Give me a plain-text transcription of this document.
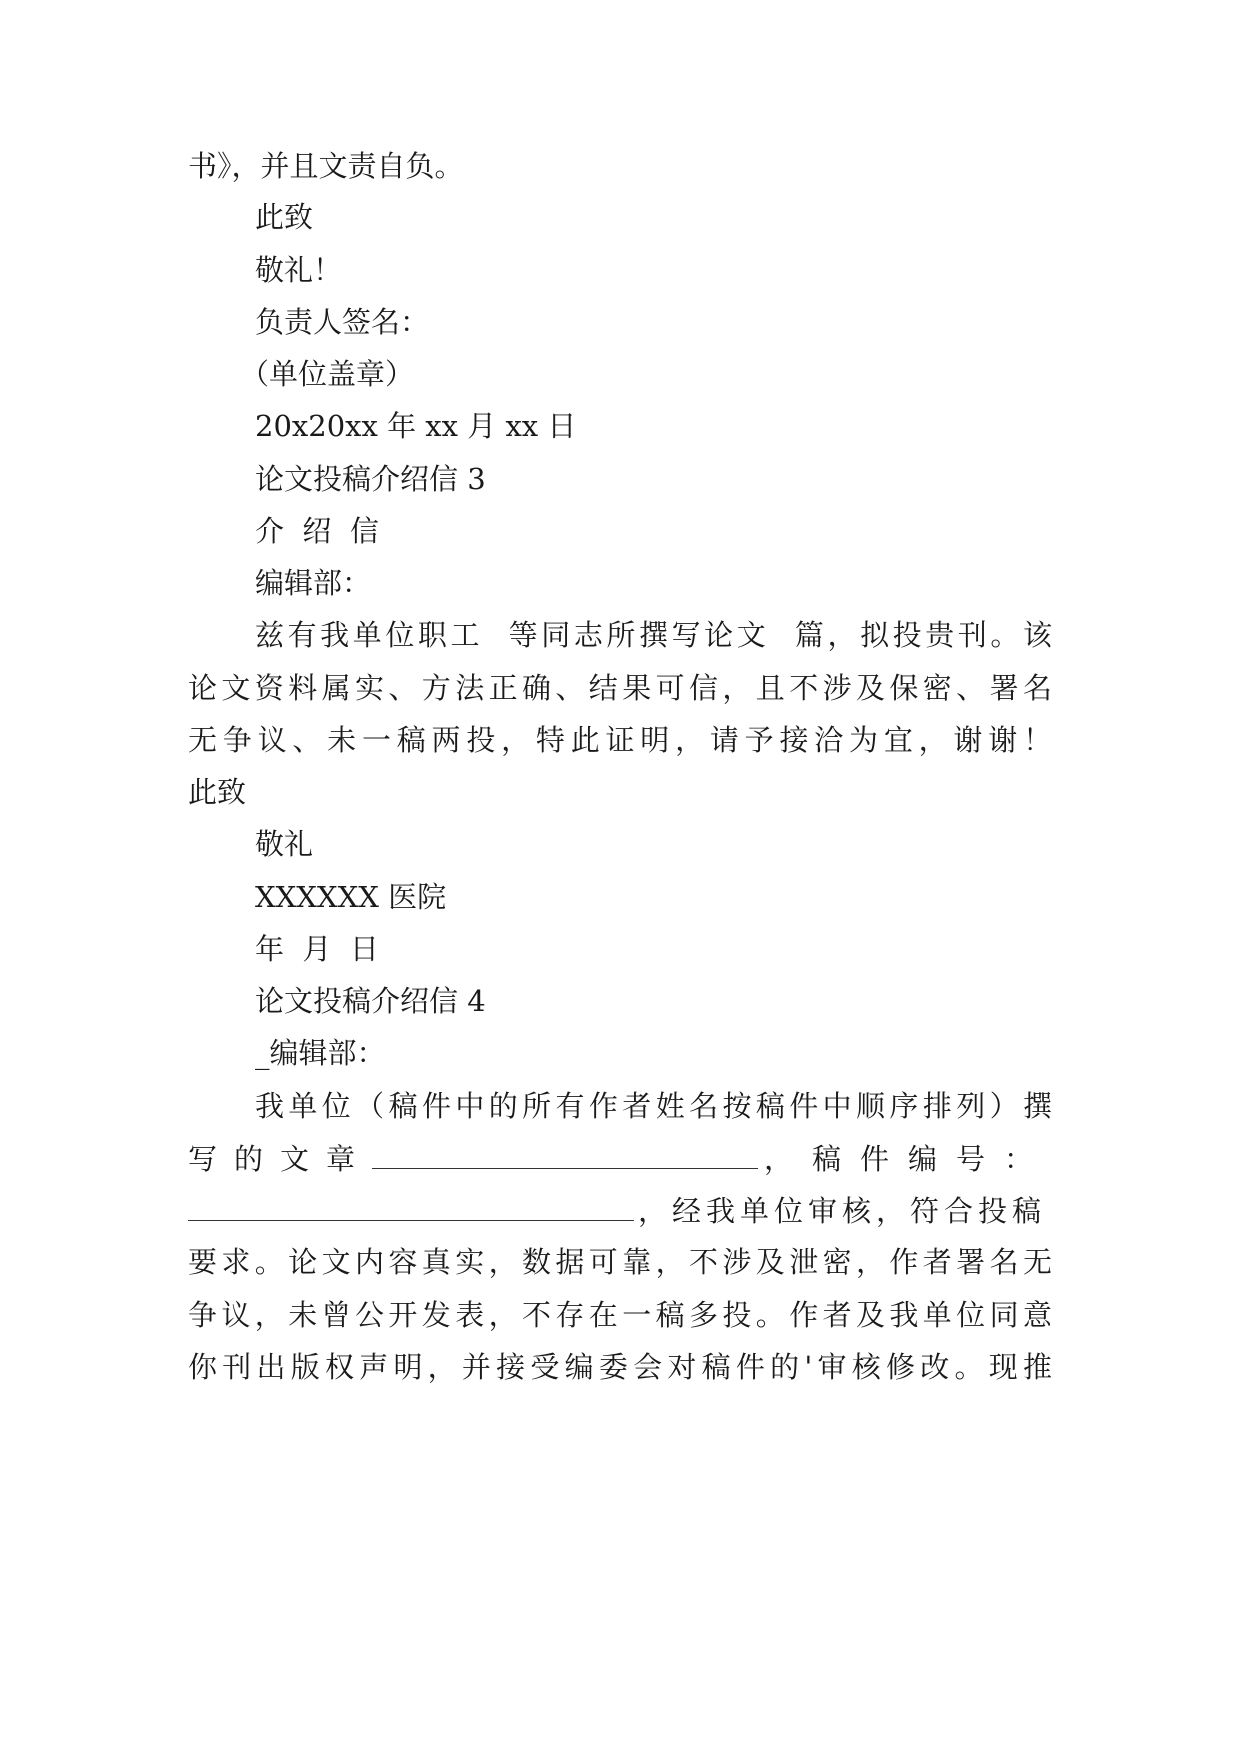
书》，并且文责自负。

此致

敬礼！

负责人签名：

（单位盖章）

20x20xx 年 xx 月 xx 日

论文投稿介绍信 3

介  绍  信

编辑部：

兹有我单位职工  等同志所撰写论文  篇，拟投贵刊。该

论文资料属实、方法正确、结果可信，且不涉及保密、署名

无争议、未一稿两投，特此证明，请予接洽为宜，谢谢！

此致

敬礼

XXXXXX 医院

年  月  日

论文投稿介绍信 4

_编辑部：

我单位（稿件中的所有作者姓名按稿件中顺序排列）撰

写的文章	，稿件编号：
，经我单位审核，符合投稿

要求。论文内容真实，数据可靠，不涉及泄密，作者署名无

争议，未曾公开发表，不存在一稿多投。作者及我单位同意

你刊出版权声明，并接受编委会对稿件的'审核修改。现推
